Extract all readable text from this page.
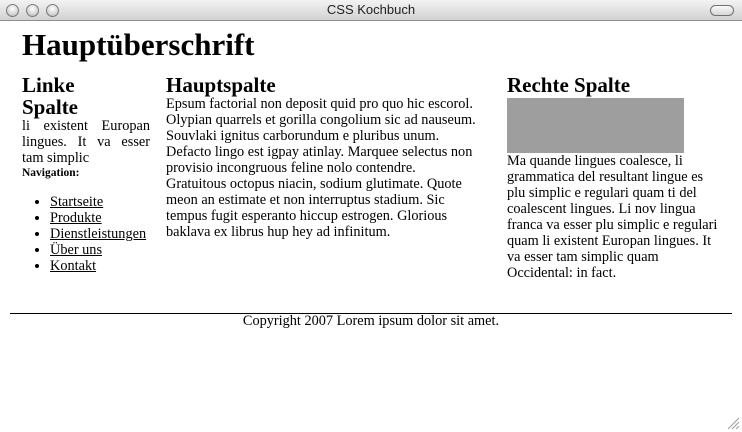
CSS Kochbuch
Hauptüberschrift
Linke Spalte

li existent Europan lingues. It va esser tam simplic

Navigation:

• Startseite
• Produkte
• Dienstleistungen
• Über uns
• Kontakt
Hauptspalte

Epsum factorial non deposit quid pro quo hic escorol. Olypian quarrels et gorilla congolium sic ad nauseum. Souvlaki ignitus carborundum e pluribus unum. Defacto lingo est igpay atinlay. Marquee selectus non provisio incongruous feline nolo contendre.

Gratuitous octopus niacin, sodium glutimate. Quote meon an estimate et non interruptus stadium. Sic tempus fugit esperanto hiccup estrogen. Glorious baklava ex librus hup hey ad infinitum.

Rechte Spalte

Ma quande lingues coalesce, li grammatica del resultant lingue es plu simplic e regulari quam ti del coalescent lingues. Li nov lingua franca va esser plu simplic e regulari quam li existent Europan lingues. It va esser tam simplic quam Occidental: in fact.

Copyright 2007 Lorem ipsum dolor sit amet.
